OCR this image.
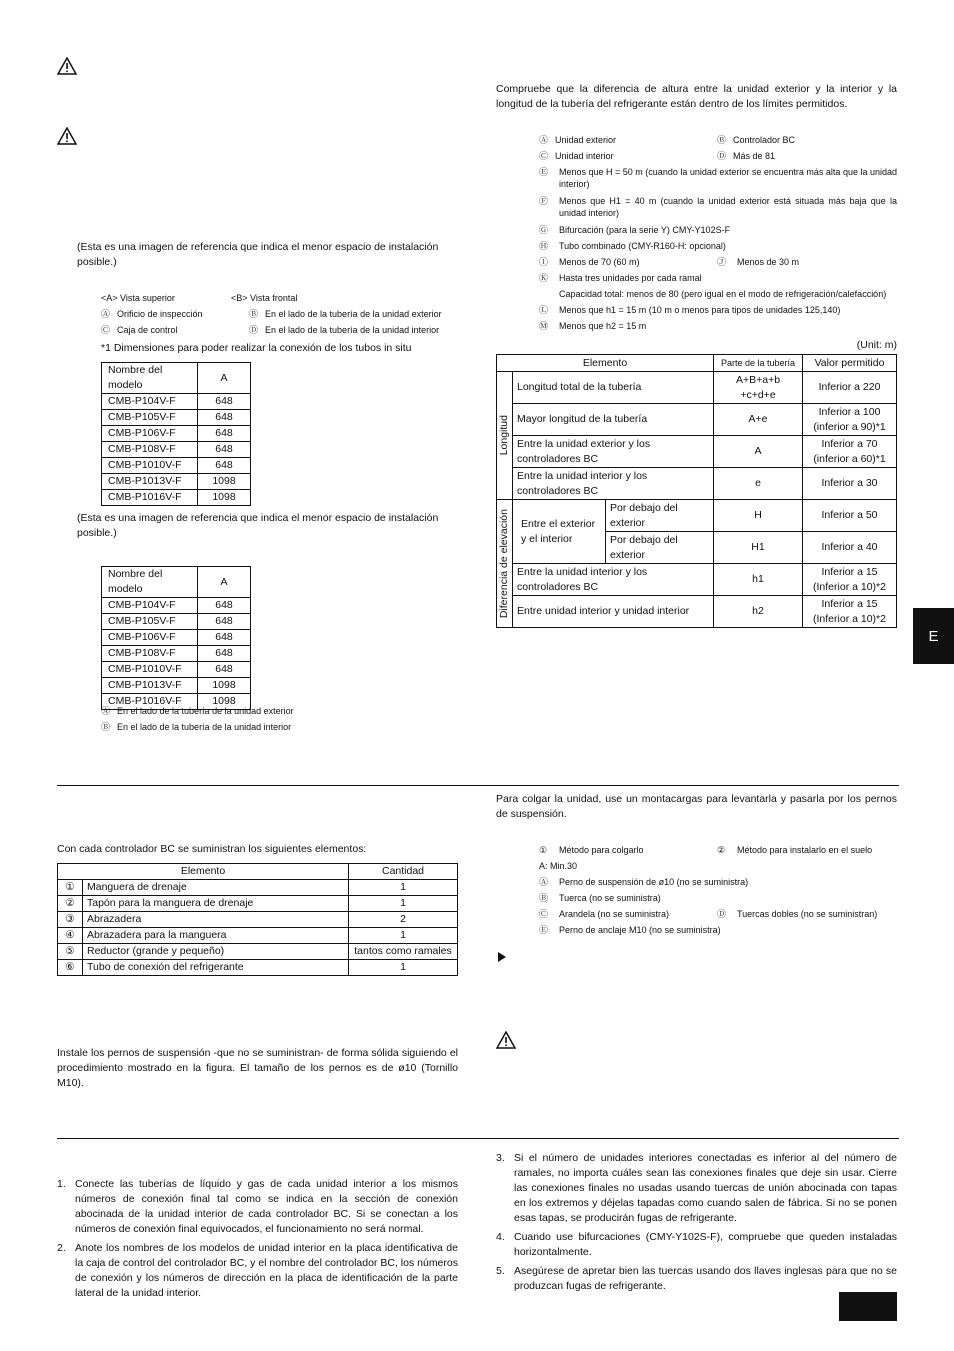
(Esta es una imagen de referencia que indica el menor espacio de instalación posible.)
<A> Vista superior	<B> Vista frontal
Ⓐ Orificio de inspección	Ⓑ En el lado de la tubería de la unidad exterior
Ⓒ Caja de control	Ⓓ En el lado de la tubería de la unidad interior
*1 Dimensiones para poder realizar la conexión de los tubos in situ
Nombre del modelo	A
CMB-P104V-F	648
CMB-P105V-F	648
CMB-P106V-F	648
CMB-P108V-F	648
CMB-P1010V-F	648
CMB-P1013V-F	1098
CMB-P1016V-F	1098
(Esta es una imagen de referencia que indica el menor espacio de instalación posible.)
Nombre del modelo	A
CMB-P104V-F	648
CMB-P105V-F	648
CMB-P106V-F	648
CMB-P108V-F	648
CMB-P1010V-F	648
CMB-P1013V-F	1098
CMB-P1016V-F	1098
Ⓐ En el lado de la tubería de la unidad exterior
Ⓑ En el lado de la tubería de la unidad interior
Con cada controlador BC se suministran los siguientes elementos:
Elemento		Cantidad
①	Manguera de drenaje	1
②	Tapón para la manguera de drenaje	1
③	Abrazadera	2
④	Abrazadera para la manguera	1
⑤	Reductor (grande y pequeño)	tantos como ramales
⑥	Tubo de conexión del refrigerante	1
Instale los pernos de suspensión -que no se suministran- de forma sólida siguiendo el procedimiento mostrado en la figura. El tamaño de los pernos es de ø10 (Tornillo M10).
1. Conecte las tuberías de líquido y gas de cada unidad interior a los mismos números de conexión final tal como se indica en la sección de conexión abocinada de la unidad interior de cada controlador BC. Si se conectan a los números de conexión final equivocados, el funcionamiento no será normal.
2. Anote los nombres de los modelos de unidad interior en la placa identificativa de la caja de control del controlador BC, y el nombre del controlador BC, los números de conexión y los números de dirección en la placa de identificación de la parte lateral de la unidad interior.
Compruebe que la diferencia de altura entre la unidad exterior y la interior y la longitud de la tubería del refrigerante están dentro de los límites permitidos.
Ⓐ Unidad exterior	Ⓑ Controlador BC
Ⓒ Unidad interior	Ⓓ Más de 81
Ⓔ	Menos que H = 50 m (cuando la unidad exterior se encuentra más alta que la unidad interior)
Ⓕ	Menos que H1 = 40 m (cuando la unidad exterior está situada más baja que la unidad interior)
Ⓖ Bifurcación (para la serie Y) CMY-Y102S-F
Ⓗ Tubo combinado (CMY-R160-H: opcional)
Ⓘ Menos de 70 (60 m)	Ⓙ Menos de 30 m
Ⓚ Hasta tres unidades por cada ramal
Capacidad total: menos de 80 (pero igual en el modo de refrigeración/calefacción)
Ⓛ Menos que h1 = 15 m (10 m o menos para tipos de unidades 125,140)
Ⓜ Menos que h2 = 15 m
(Unit: m)
Elemento			Parte de la tubería	Valor permitido

Longitud	Longitud total de la tubería		A+B+a+b +c+d+e	Inferior a 220
	Mayor longitud de la tubería		A+e	Inferior a 100 (inferior a 90)*1
	Entre la unidad exterior y los controladores BC		A	Inferior a 70 (inferior a 60)*1
	Entre la unidad interior y los controladores BC		e	Inferior a 30

Diferencia de elevación	Entre el exterior y el interior	Por debajo del exterior	H	Inferior a 50
		Por debajo del exterior	H1	Inferior a 40
	Entre la unidad interior y los controladores BC		h1	Inferior a 15 (Inferior a 10)*2
	Entre unidad interior y unidad interior		h2	Inferior a 15 (Inferior a 10)*2
E
Para colgar la unidad, use un montacargas para levantarla y pasarla por los pernos de suspensión.
① Método para colgarlo	② Método para instalarlo en el suelo
A: Min.30
Ⓐ Perno de suspensión de ø10 (no se suministra)
Ⓑ Tuerca (no se suministra)
Ⓒ Arandela (no se suministra)	Ⓓ Tuercas dobles (no se suministran)
Ⓔ Perno de anclaje M10 (no se suministra)
3. Si el número de unidades interiores conectadas es inferior al del número de ramales, no importa cuáles sean las conexiones finales que deje sin usar. Cierre las conexiones finales no usadas usando tuercas de unión abocinada con tapas en los extremos y déjelas tapadas como cuando salen de fábrica. Si no se ponen esas tapas, se producirán fugas de refrigerante.
4. Cuando use bifurcaciones (CMY-Y102S-F), compruebe que queden instaladas horizontalmente.
5. Asegúrese de apretar bien las tuercas usando dos llaves inglesas para que no se produzcan fugas de refrigerante.
